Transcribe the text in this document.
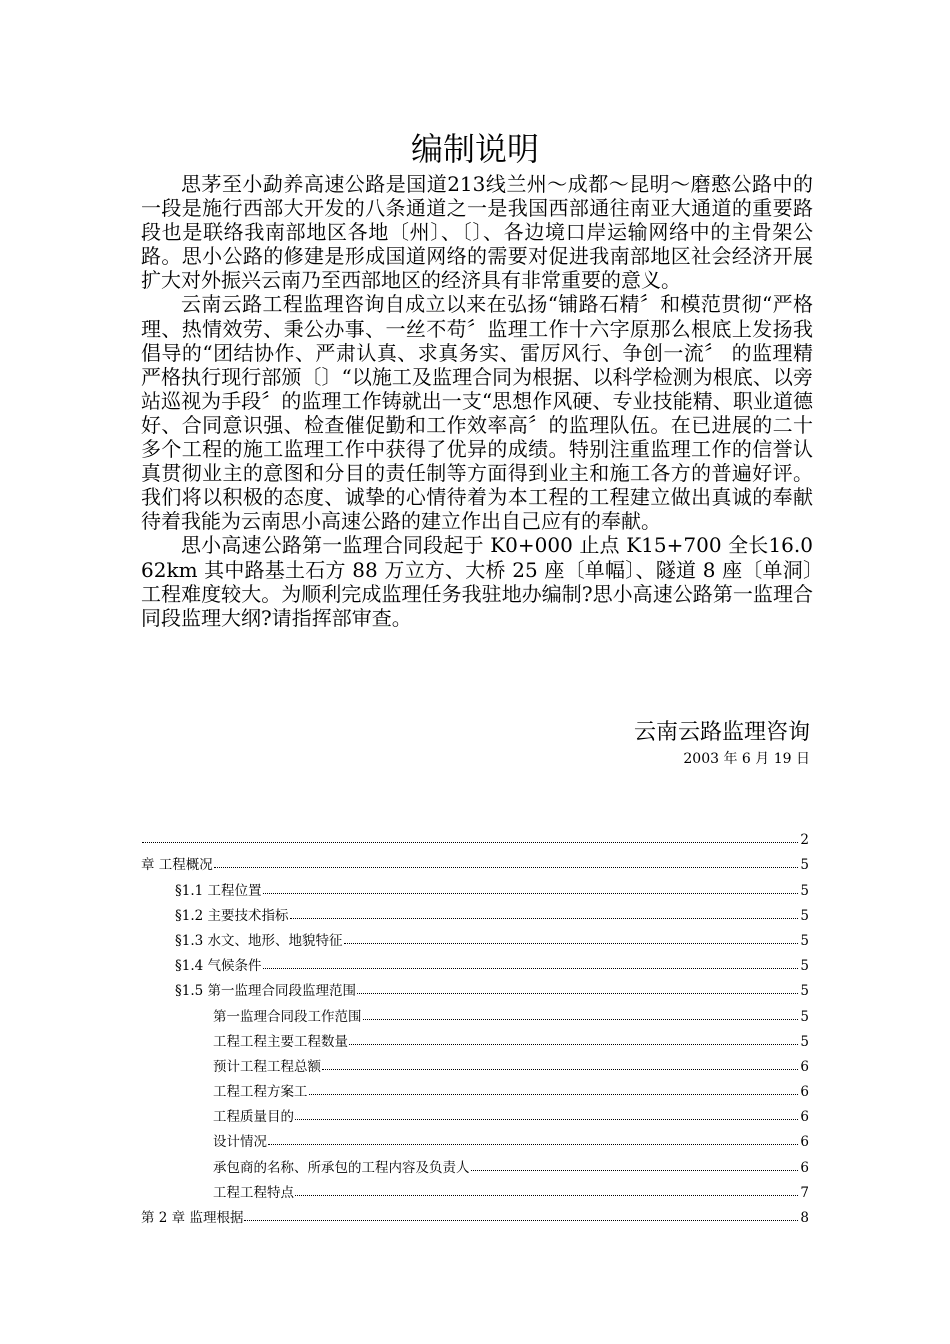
编制说明

思茅至小勐养高速公路是国道213线兰州～成都～昆明～磨憨公路中的一段是施行西部大开发的八条通道之一是我国西部通往南亚大通道的重要路段也是联络我南部地区各地〔州〕、〔〕、各边境口岸运输网络中的主骨架公路。思小公路的修建是形成国道网络的需要对促进我南部地区社会经济开展扩大对外振兴云南乃至西部地区的经济具有非常重要的意义。

云南云路工程监理咨询自成立以来在弘扬“铺路石精〞和模范贯彻“严格理、热情效劳、秉公办事、一丝不苟〞监理工作十六字原那么根底上发扬我倡导的“团结协作、严肃认真、求真务实、雷厉风行、争创一流〞 的监理精严格执行现行部颁〔〕“以施工及监理合同为根据、以科学检测为根底、以旁站巡视为手段〞的监理工作铸就出一支“思想作风硬、专业技能精、职业道德好、合同意识强、检查催促勤和工作效率高〞的监理队伍。在已进展的二十多个工程的施工监理工作中获得了优异的成绩。特别注重监理工作的信誉认真贯彻业主的意图和分目的责任制等方面得到业主和施工各方的普遍好评。我们将以积极的态度、诚挚的心情待着为本工程的工程建立做出真诚的奉献待着我能为云南思小高速公路的建立作出自己应有的奉献。

思小高速公路第一监理合同段起于 K0+000 止点 K15+700 全长16.062km 其中路基土石方 88 万立方、大桥 25 座〔单幅〕、隧道 8 座〔单洞〕工程难度较大。为顺利完成监理任务我驻地办编制?思小高速公路第一监理合同段监理大纲?请指挥部审查。

云南云路监理咨询
2003 年 6 月 19 日
2
章 工程概况	5
§1.1 工程位置	5
§1.2 主要技术指标	5
§1.3 水文、地形、地貌特征	5
§1.4 气候条件	5
§1.5 第一监理合同段监理范围	5
第一监理合同段工作范围	5
工程工程主要工程数量	5
预计工程工程总额	6
工程工程方案工	6
工程质量目的	6
设计情况	6
承包商的名称、所承包的工程内容及负责人	6
工程工程特点	7
第 2 章 监理根据	8
